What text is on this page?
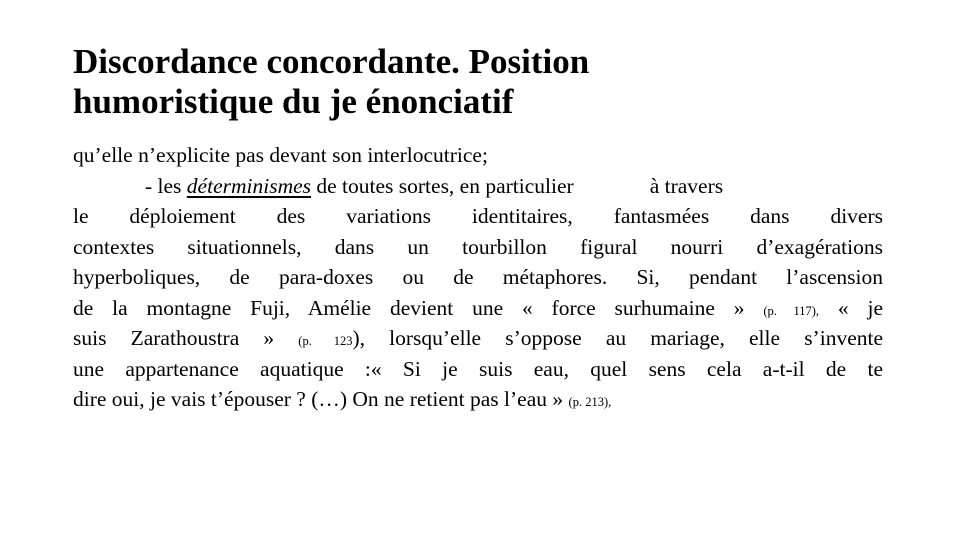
Discordance concordante. Position
humoristique du je énonciatif
qu’elle n’explicite pas devant son interlocutrice;
- les déterminismes de toutes sortes, en particulier	à travers
le déploiement des variations identitaires, fantasmées dans divers
contextes situationnels, dans un tourbillon figural nourri d’exagérations
hyperboliques, de para-doxes ou de métaphores. Si, pendant l’ascension
de la montagne Fuji, Amélie devient une « force surhumaine » (p. 117), « je
suis Zarathoustra » (p. 123), lorsqu’elle s’oppose au mariage, elle s’invente
une appartenance aquatique :« Si je suis eau, quel sens cela a-t-il de te
dire oui, je vais t’épouser ? (…) On ne retient pas l’eau » (p. 213),
